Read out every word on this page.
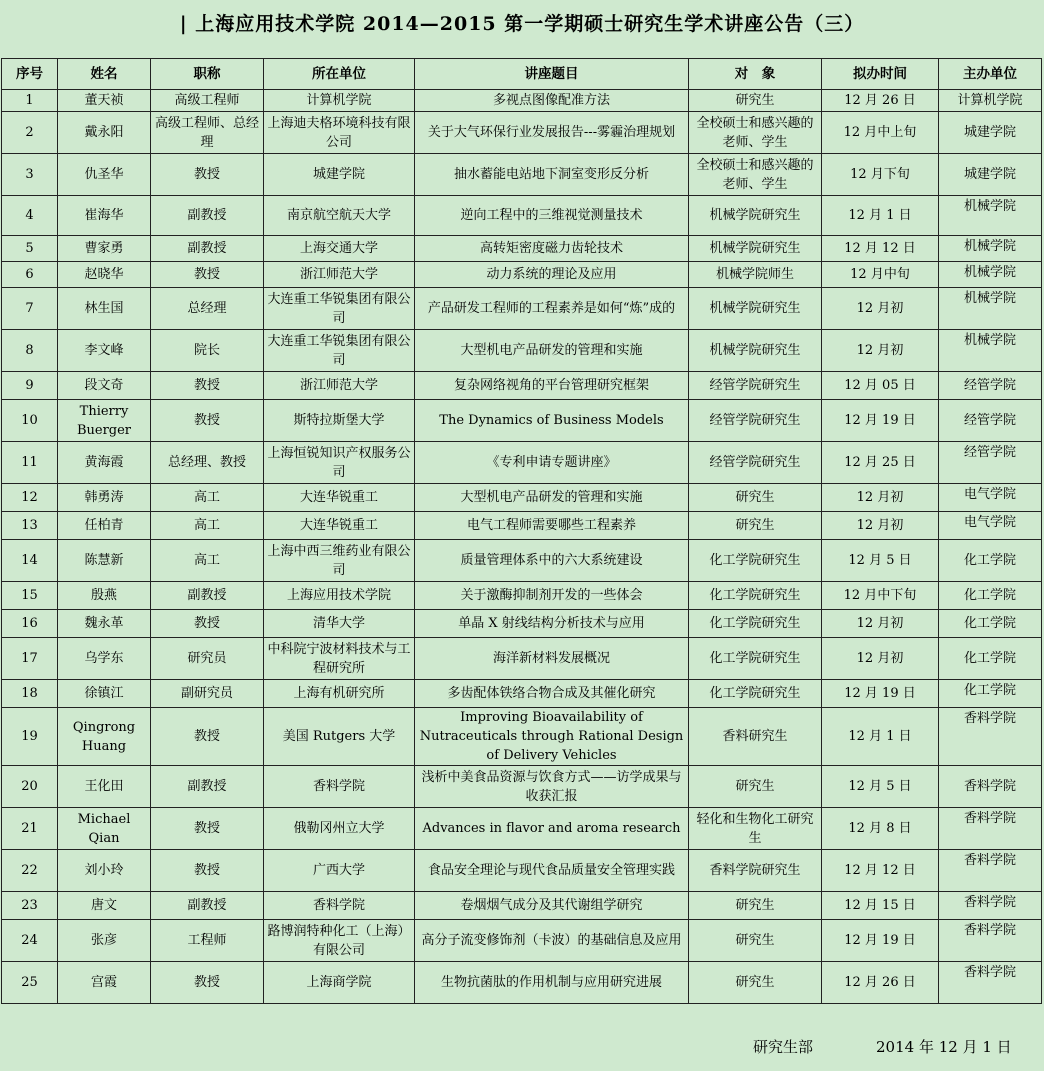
| 上海应用技术学院 2014—2015 第一学期硕士研究生学术讲座公告（三）
序号	姓名	职称	所在单位	讲座题目	对　象	拟办时间	主办单位
1	董天祯	高级工程师	计算机学院	多视点图像配准方法	研究生	12 月 26 日	计算机学院
2	戴永阳	高级工程师、总经理	上海迪夫格环境科技有限公司	关于大气环保行业发展报告---雾霾治理规划	全校硕士和感兴趣的老师、学生	12 月中上旬	城建学院
3	仇圣华	教授	城建学院	抽水蓄能电站地下洞室变形反分析	全校硕士和感兴趣的老师、学生	12 月下旬	城建学院
4	崔海华	副教授	南京航空航天大学	逆向工程中的三维视觉测量技术	机械学院研究生	12 月 1 日	机械学院
5	曹家勇	副教授	上海交通大学	高转矩密度磁力齿轮技术	机械学院研究生	12 月 12 日	机械学院
6	赵晓华	教授	浙江师范大学	动力系统的理论及应用	机械学院师生	12 月中旬	机械学院
7	林生国	总经理	大连重工华锐集团有限公司	产品研发工程师的工程素养是如何“炼”成的	机械学院研究生	12 月初	机械学院
8	李文峰	院长	大连重工华锐集团有限公司	大型机电产品研发的管理和实施	机械学院研究生	12 月初	机械学院
9	段文奇	教授	浙江师范大学	复杂网络视角的平台管理研究框架	经管学院研究生	12 月 05 日	经管学院
10	Thierry Buerger	教授	斯特拉斯堡大学	The Dynamics of Business Models	经管学院研究生	12 月 19 日	经管学院
11	黄海霞	总经理、教授	上海恒锐知识产权服务公司	《专利申请专题讲座》	经管学院研究生	12 月 25 日	经管学院
12	韩勇涛	高工	大连华锐重工	大型机电产品研发的管理和实施	研究生	12 月初	电气学院
13	任柏青	高工	大连华锐重工	电气工程师需要哪些工程素养	研究生	12 月初	电气学院
14	陈慧新	高工	上海中西三维药业有限公司	质量管理体系中的六大系统建设	化工学院研究生	12 月 5 日	化工学院
15	殷燕	副教授	上海应用技术学院	关于激酶抑制剂开发的一些体会	化工学院研究生	12 月中下旬	化工学院
16	魏永革	教授	清华大学	单晶 X 射线结构分析技术与应用	化工学院研究生	12 月初	化工学院
17	乌学东	研究员	中科院宁波材料技术与工程研究所	海洋新材料发展概况	化工学院研究生	12 月初	化工学院
18	徐镇江	副研究员	上海有机研究所	多齿配体铁络合物合成及其催化研究	化工学院研究生	12 月 19 日	化工学院
19	Qingrong Huang	教授	美国 Rutgers 大学	Improving Bioavailability of Nutraceuticals through Rational Design of Delivery Vehicles	香料研究生	12 月 1 日	香料学院
20	王化田	副教授	香料学院	浅析中美食品资源与饮食方式——访学成果与收获汇报	研究生	12 月 5 日	香料学院
21	Michael Qian	教授	俄勒冈州立大学	Advances in flavor and aroma research	轻化和生物化工研究生	12 月 8 日	香料学院
22	刘小玲	教授	广西大学	食品安全理论与现代食品质量安全管理实践	香料学院研究生	12 月 12 日	香料学院
23	唐文	副教授	香料学院	卷烟烟气成分及其代谢组学研究	研究生	12 月 15 日	香料学院
24	张彦	工程师	路博润特种化工（上海）有限公司	高分子流变修饰剂（卡波）的基础信息及应用	研究生	12 月 19 日	香料学院
25	宫霞	教授	上海商学院	生物抗菌肽的作用机制与应用研究进展	研究生	12 月 26 日	香料学院
研究生部	2014 年 12 月 1 日
